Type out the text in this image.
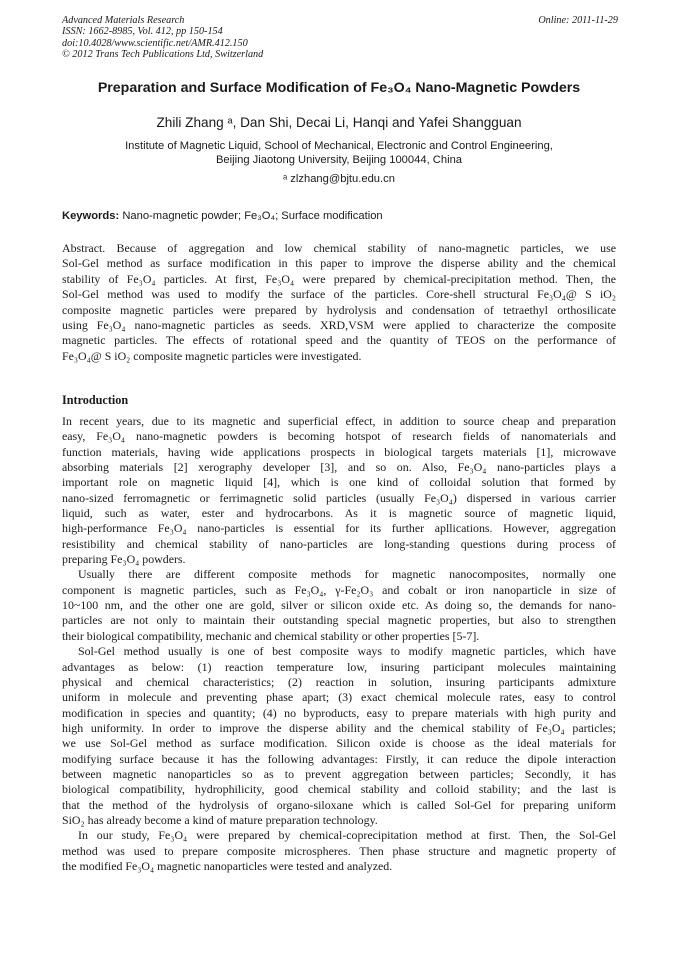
Advanced Materials Research
ISSN: 1662-8985, Vol. 412, pp 150-154
doi:10.4028/www.scientific.net/AMR.412.150
© 2012 Trans Tech Publications Ltd, Switzerland
Online: 2011-11-29
Preparation and Surface Modification of Fe₃O₄ Nano-Magnetic Powders
Zhili Zhang ᵃ, Dan Shi, Decai Li, Hanqi and Yafei Shangguan
Institute of Magnetic Liquid, School of Mechanical, Electronic and Control Engineering,
Beijing Jiaotong University, Beijing 100044, China
ᵃ zlzhang@bjtu.edu.cn
Keywords: Nano-magnetic powder; Fe₃O₄; Surface modification
Abstract. Because of aggregation and low chemical stability of nano-magnetic particles, we use
Sol-Gel method as surface modification in this paper to improve the disperse ability and the chemical
stability of Fe₃O₄ particles. At first, Fe₃O₄ were prepared by chemical-precipitation method. Then, the
Sol-Gel method was used to modify the surface of the particles. Core-shell structural Fe₃O₄@ S iO₂
composite magnetic particles were prepared by hydrolysis and condensation of tetraethyl orthosilicate
using Fe₃O₄ nano-magnetic particles as seeds. XRD,VSM were applied to characterize the composite
magnetic particles. The effects of rotational speed and the quantity of TEOS on the performance of
Fe₃O₄@ S iO₂ composite magnetic particles were investigated.
Introduction
In recent years, due to its magnetic and superficial effect, in addition to source cheap and preparation
easy, Fe₃O₄ nano-magnetic powders is becoming hotspot of research fields of nanomaterials and
function materials, having wide applications prospects in biological targets materials [1], microwave
absorbing materials [2] xerography developer [3], and so on. Also, Fe₃O₄ nano-particles plays a
important role on magnetic liquid [4], which is one kind of colloidal solution that formed by
nano-sized ferromagnetic or ferrimagnetic solid particles (usually Fe₃O₄) dispersed in various carrier
liquid, such as water, ester and hydrocarbons. As it is magnetic source of magnetic liquid,
high-performance Fe₃O₄ nano-particles is essential for its further apllications. However, aggregation
resistibility and chemical stability of nano-particles are long-standing questions during process of
preparing Fe₃O₄ powders.
Usually there are different composite methods for magnetic nanocomposites, normally one
component is magnetic particles, such as Fe₃O₄, γ-Fe₂O₃ and cobalt or iron nanoparticle in size of
10~100 nm, and the other one are gold, silver or silicon oxide etc. As doing so, the demands for nano-
particles are not only to maintain their outstanding special magnetic properties, but also to strengthen
their biological compatibility, mechanic and chemical stability or other properties [5-7].
Sol-Gel method usually is one of best composite ways to modify magnetic particles, which have
advantages as below: (1) reaction temperature low, insuring participant molecules maintaining
physical and chemical characteristics; (2) reaction in solution, insuring participants admixture
uniform in molecule and preventing phase apart; (3) exact chemical molecule rates, easy to control
modification in species and quantity; (4) no byproducts, easy to prepare materials with high purity and
high uniformity. In order to improve the disperse ability and the chemical stability of Fe₃O₄ particles;
we use Sol-Gel method as surface modification. Silicon oxide is choose as the ideal materials for
modifying surface because it has the following advantages: Firstly, it can reduce the dipole interaction
between magnetic nanoparticles so as to prevent aggregation between particles; Secondly, it has
biological compatibility, hydrophilicity, good chemical stability and colloid stability; and the last is
that the method of the hydrolysis of organo-siloxane which is called Sol-Gel for preparing uniform
SiO₂ has already become a kind of mature preparation technology.
In our study, Fe₃O₄ were prepared by chemical-coprecipitation method at first. Then, the Sol-Gel
method was used to prepare composite microspheres. Then phase structure and magnetic property of
the modified Fe₃O₄ magnetic nanoparticles were tested and analyzed.
